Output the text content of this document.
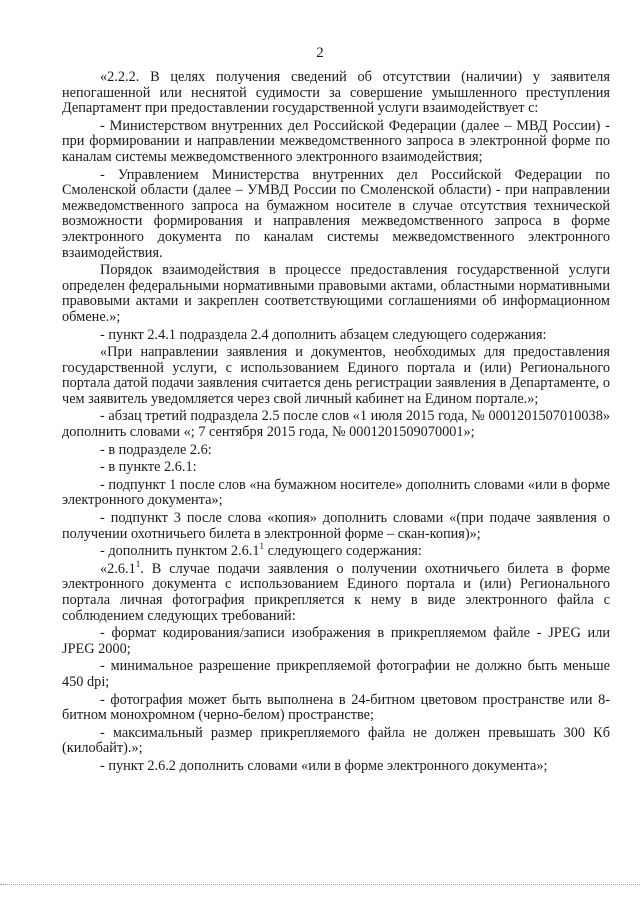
2

«2.2.2. В целях получения сведений об отсутствии (наличии) у заявителя непогашенной или неснятой судимости за совершение умышленного преступления Департамент при предоставлении государственной услуги взаимодействует с:

- Министерством внутренних дел Российской Федерации (далее – МВД России) - при формировании и направлении межведомственного запроса в электронной форме по каналам системы межведомственного электронного взаимодействия;

- Управлением Министерства внутренних дел Российской Федерации по Смоленской области (далее – УМВД России по Смоленской области) - при направлении межведомственного запроса на бумажном носителе в случае отсутствия технической возможности формирования и направления межведомственного запроса в форме электронного документа по каналам системы межведомственного электронного взаимодействия.

Порядок взаимодействия в процессе предоставления государственной услуги определен федеральными нормативными правовыми актами, областными нормативными правовыми актами и закреплен соответствующими соглашениями об информационном обмене.»;

- пункт 2.4.1 подраздела 2.4 дополнить абзацем следующего содержания:

«При направлении заявления и документов, необходимых для предоставления государственной услуги, с использованием Единого портала и (или) Регионального портала датой подачи заявления считается день регистрации заявления в Департаменте, о чем заявитель уведомляется через свой личный кабинет на Едином портале.»;

- абзац третий подраздела 2.5 после слов «1 июля 2015 года, № 0001201507010038» дополнить словами «; 7 сентября 2015 года, № 0001201509070001»;

- в подразделе 2.6:

- в пункте 2.6.1:

- подпункт 1 после слов «на бумажном носителе» дополнить словами «или в форме электронного документа»;

- подпункт 3 после слова «копия» дополнить словами «(при подаче заявления о получении охотничьего билета в электронной форме – скан-копия)»;

- дополнить пунктом 2.6.1$^1$ следующего содержания:

«2.6.1$^1$. В случае подачи заявления о получении охотничьего билета в форме электронного документа с использованием Единого портала и (или) Регионального портала личная фотография прикрепляется к нему в виде электронного файла с соблюдением следующих требований:

- формат кодирования/записи изображения в прикрепляемом файле - JPEG или JPEG 2000;

- минимальное разрешение прикрепляемой фотографии не должно быть меньше 450 dpi;

- фотография может быть выполнена в 24-битном цветовом пространстве или 8-битном монохромном (черно-белом) пространстве;

- максимальный размер прикрепляемого файла не должен превышать 300 Кб (килобайт).»;

- пункт 2.6.2 дополнить словами «или в форме электронного документа»;
